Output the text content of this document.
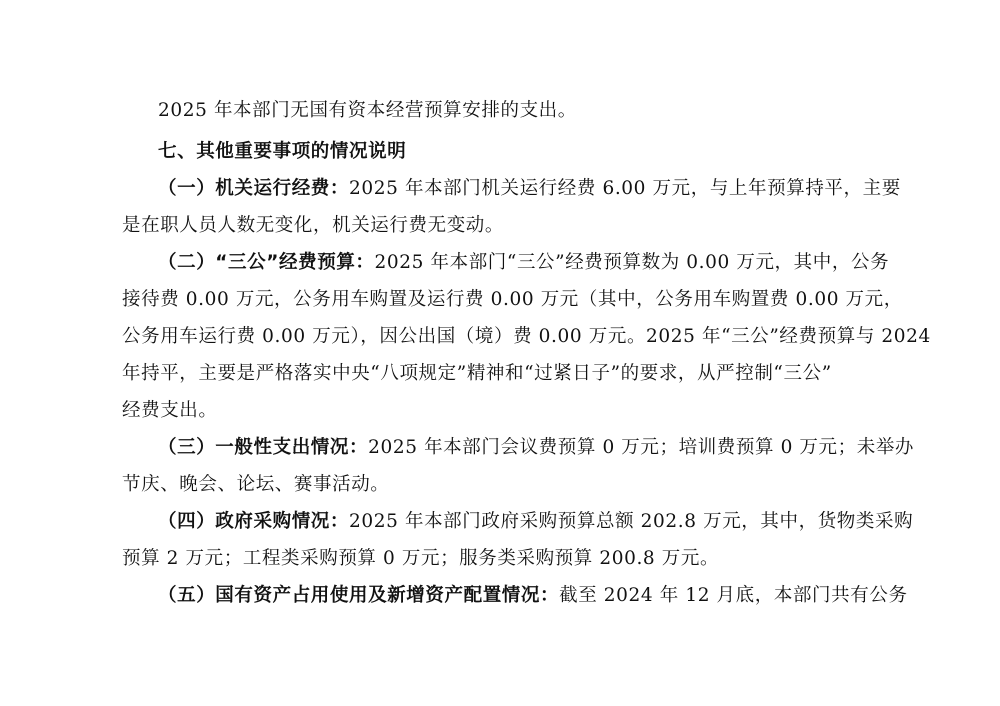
2025 年本部门无国有资本经营预算安排的支出。
七、其他重要事项的情况说明
（一）机关运行经费：2025 年本部门机关运行经费 6.00 万元，与上年预算持平，主要
是在职人员人数无变化，机关运行费无变动。
（二）“三公”经费预算：2025 年本部门“三公”经费预算数为 0.00 万元，其中，公务
接待费 0.00 万元，公务用车购置及运行费 0.00 万元（其中，公务用车购置费 0.00 万元，
公务用车运行费 0.00 万元），因公出国（境）费 0.00 万元。2025 年“三公”经费预算与 2024
年持平，主要是严格落实中央“八项规定”精神和“过紧日子”的要求，从严控制“三公”
经费支出。
（三）一般性支出情况：2025 年本部门会议费预算 0 万元；培训费预算 0 万元；未举办
节庆、晚会、论坛、赛事活动。
（四）政府采购情况：2025 年本部门政府采购预算总额 202.8 万元，其中，货物类采购
预算 2 万元；工程类采购预算 0 万元；服务类采购预算 200.8 万元。
（五）国有资产占用使用及新增资产配置情况：截至 2024 年 12 月底，本部门共有公务
